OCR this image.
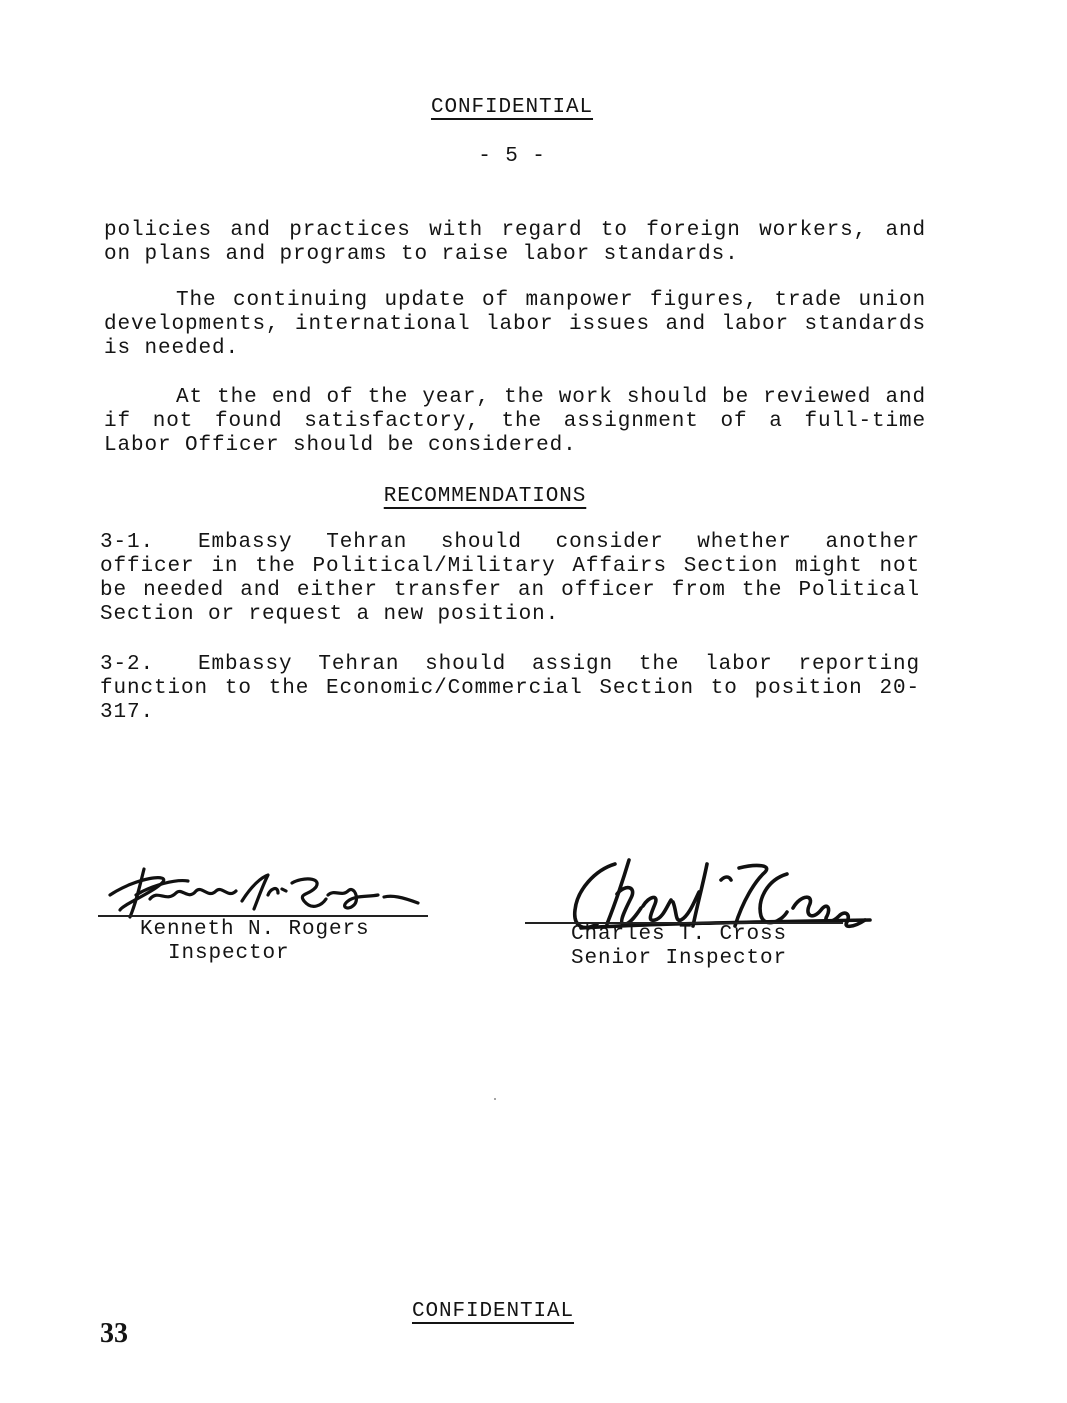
CONFIDENTIAL
- 5 -

policies and practices with regard to foreign workers, and on plans and programs to raise labor standards.

The continuing update of manpower figures, trade union developments, international labor issues and labor standards is needed.

At the end of the year, the work should be reviewed and if not found satisfactory, the assignment of a full-time Labor Officer should be considered.

RECOMMENDATIONS

3-1. Embassy Tehran should consider whether another officer in the Political/Military Affairs Section might not be needed and either transfer an officer from the Political Section or request a new position.

3-2. Embassy Tehran should assign the labor reporting function to the Economic/Commercial Section to position 20-317.

Kenneth N. Rogers
Inspector
Charles T. Cross
Senior Inspector
33
CONFIDENTIAL
